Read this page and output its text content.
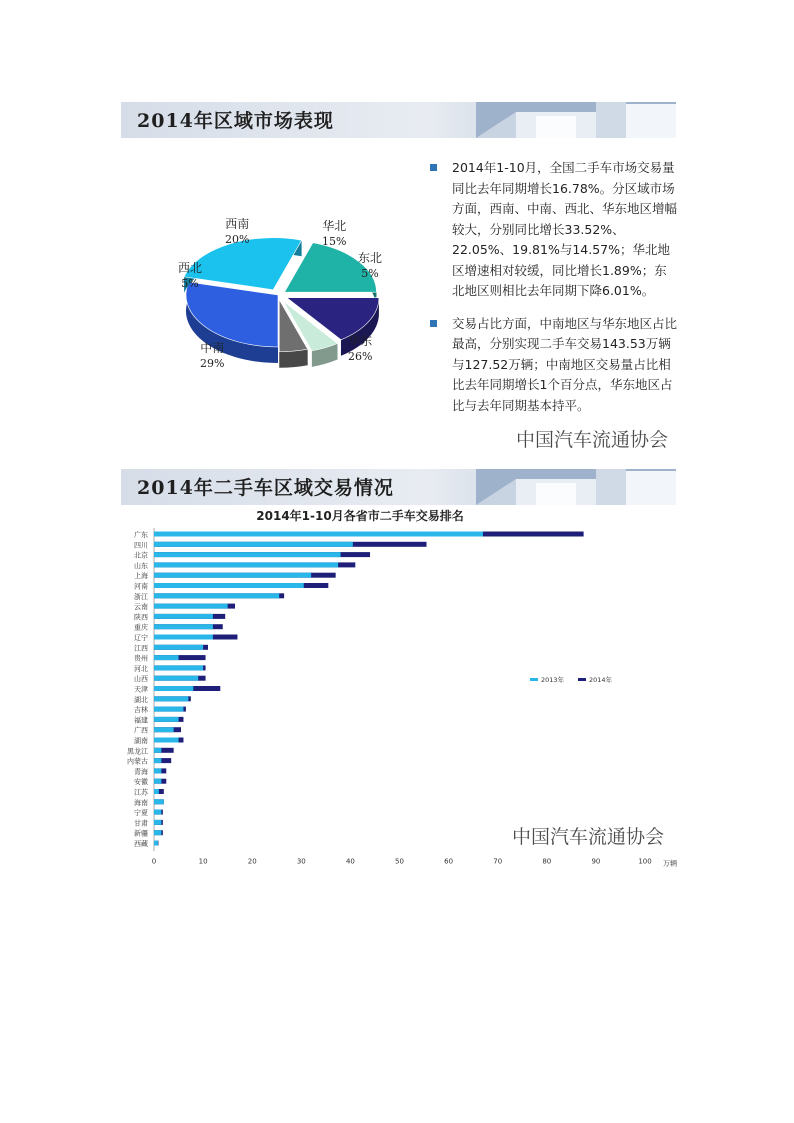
2014年区域市场表现
西南
20%
华北
15%
东北
5%
西北
5%
华东
26%
中南
29%
2014年1-10月，全国二手车市场交易量同比去年同期增长16.78%。分区域市场方面，西南、中南、西北、华东地区增幅较大，分别同比增长33.52%、22.05%、19.81%与14.57%；华北地区增速相对较缓，同比增长1.89%；东北地区则相比去年同期下降6.01%。
交易占比方面，中南地区与华东地区占比最高，分别实现二手车交易143.53万辆与127.52万辆；中南地区交易量占比相比去年同期增长1个百分点，华东地区占比与去年同期基本持平。
中国汽车流通协会
2014年二手车区域交易情况
2014年1-10月各省市二手车交易排名
广东
四川
北京
山东
上海
河南
浙江
云南
陕西
重庆
辽宁
江西
贵州
河北
山西
天津
湖北
吉林
福建
广西
湖南
黑龙江
内蒙古
青海
安徽
江苏
海南
宁夏
甘肃
新疆
西藏
0	10	20	30	40	50	60	70	80	90	100 万辆
2013年	2014年
中国汽车流通协会
